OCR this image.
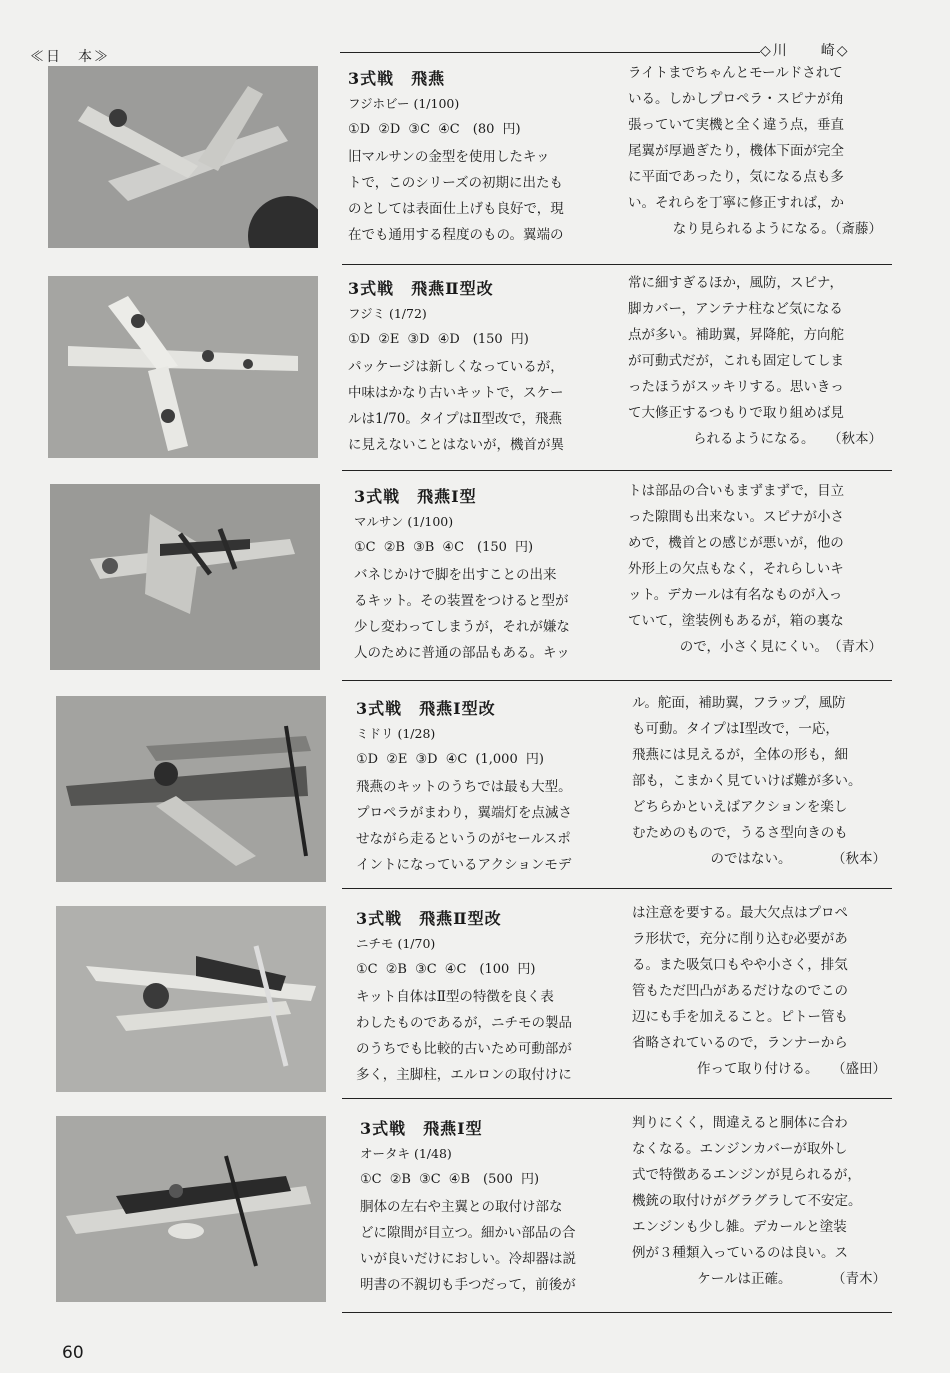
≪日　本≫	◇川　　崎◇
3式戦　飛燕
フジホビー (1/100)
①D ②D ③C ④C　(80 円)
旧マルサンの金型を使用したキッ
トで，このシリーズの初期に出たも
のとしては表面仕上げも良好で，現
在でも通用する程度のもの。翼端の
ライトまでちゃんとモールドされて
いる。しかしプロペラ・スピナが角
張っていて実機と全く違う点，垂直
尾翼が厚過ぎたり，機体下面が完全
に平面であったり，気になる点も多
い。それらを丁寧に修正すれば，か
なり見られるようになる。（斎藤）
3式戦　飛燕Ⅱ型改
フジミ (1/72)
①D ②E ③D ④D　(150 円)
パッケージは新しくなっているが，
中味はかなり古いキットで，スケー
ルは1/70。タイプはⅡ型改で，飛燕
に見えないことはないが，機首が異
常に細すぎるほか，風防，スピナ，
脚カバー，アンテナ柱など気になる
点が多い。補助翼，昇降舵，方向舵
が可動式だが，これも固定してしま
ったほうがスッキリする。思いきっ
て大修正するつもりで取り組めば見
られるようになる。　　（秋本）
3式戦　飛燕Ⅰ型
マルサン (1/100)
①C ②B ③B ④C　(150 円)
バネじかけで脚を出すことの出来
るキット。その装置をつけると型が
少し変わってしまうが，それが嫌な
人のために普通の部品もある。キッ
トは部品の合いもまずまずで，目立
った隙間も出来ない。スピナが小さ
めで，機首との感じが悪いが，他の
外形上の欠点もなく，それらしいキ
ット。デカールは有名なものが入っ
ていて，塗装例もあるが，箱の裏な
ので，小さく見にくい。　（青木）
3式戦　飛燕Ⅰ型改
ミドリ (1/28)
①D ②E ③D ④C (1,000 円)
飛燕のキットのうちでは最も大型。
プロペラがまわり，翼端灯を点滅さ
せながら走るというのがセールスポ
イントになっているアクションモデ
ル。舵面，補助翼，フラップ，風防
も可動。タイプはⅠ型改で，一応，
飛燕には見えるが，全体の形も，細
部も，こまかく見ていけば難が多い。
どちらかといえばアクションを楽し
むためのもので，うるさ型向きのも
のではない。　　　　（秋本）
3式戦　飛燕Ⅱ型改
ニチモ (1/70)
①C ②B ③C ④C　(100 円)
キット自体はⅡ型の特徴を良く表
わしたものであるが，ニチモの製品
のうちでも比較的古いため可動部が
多く，主脚柱，エルロンの取付けに
は注意を要する。最大欠点はプロペ
ラ形状で，充分に削り込む必要があ
る。また吸気口もやや小さく，排気
管もただ凹凸があるだけなのでこの
辺にも手を加えること。ピトー管も
省略されているので，ランナーから
作って取り付ける。　　（盛田）
3式戦　飛燕Ⅰ型
オータキ (1/48)
①C ②B ③C ④B　(500 円)
胴体の左右や主翼との取付け部な
どに隙間が目立つ。細かい部品の合
いが良いだけにおしい。冷却器は説
明書の不親切も手つだって，前後が
判りにくく，間違えると胴体に合わ
なくなる。エンジンカバーが取外し
式で特徴あるエンジンが見られるが，
機銃の取付けがグラグラして不安定。
エンジンも少し雑。デカールと塗装
例が３種類入っているのは良い。ス
ケールは正確。　　　　（青木）
60
